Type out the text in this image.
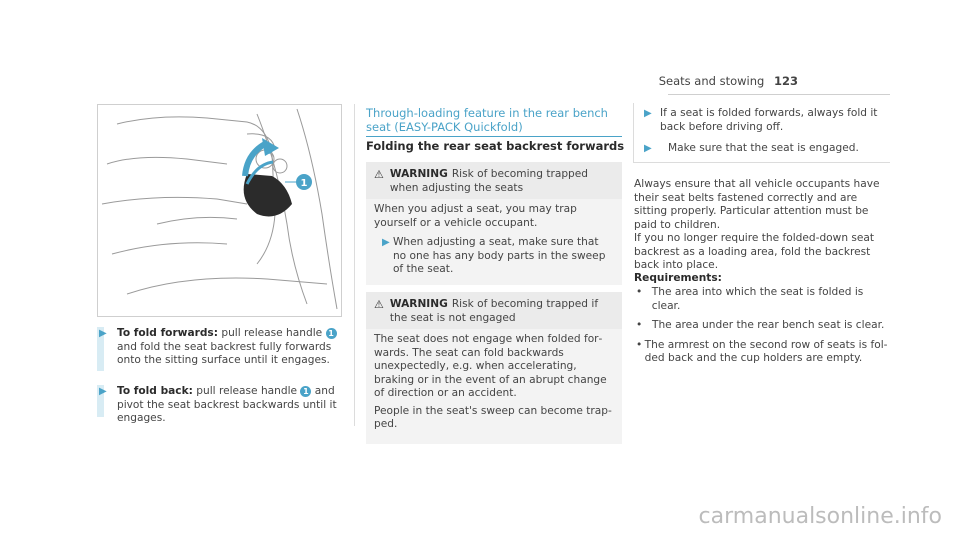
Seats and stowing 123
1
▶ To fold forwards: pull release handle 1 and fold the seat backrest fully forwards onto the sitting surface until it engages.
▶ To fold back: pull release handle 1 and pivot the seat backrest backwards until it engages.
Through-loading feature in the rear bench seat (EASY-PACK Quickfold)
Folding the rear seat backrest forwards
⚠ WARNING Risk of becoming trapped when adjusting the seats

When you adjust a seat, you may trap yourself or a vehicle occupant.

▶ When adjusting a seat, make sure that no one has any body parts in the sweep of the seat.
⚠ WARNING Risk of becoming trapped if the seat is not engaged

The seat does not engage when folded forwards. The seat can fold backwards unexpectedly, e.g. when accelerating, braking or in the event of an abrupt change of direction or an accident.

People in the seat's sweep can become trapped.

▶ If a seat is folded forwards, always fold it back before driving off.
▶	Make sure that the seat is engaged.
Always ensure that all vehicle occupants have their seat belts fastened correctly and are sitting properly. Particular attention must be paid to children.
If you no longer require the folded-down seat backrest as a loading area, fold the backrest back into place.
Requirements:
• The area into which the seat is folded is clear.
• The area under the rear bench seat is clear.
• The armrest on the second row of seats is folded back and the cup holders are empty.
carmanualsonline.info
